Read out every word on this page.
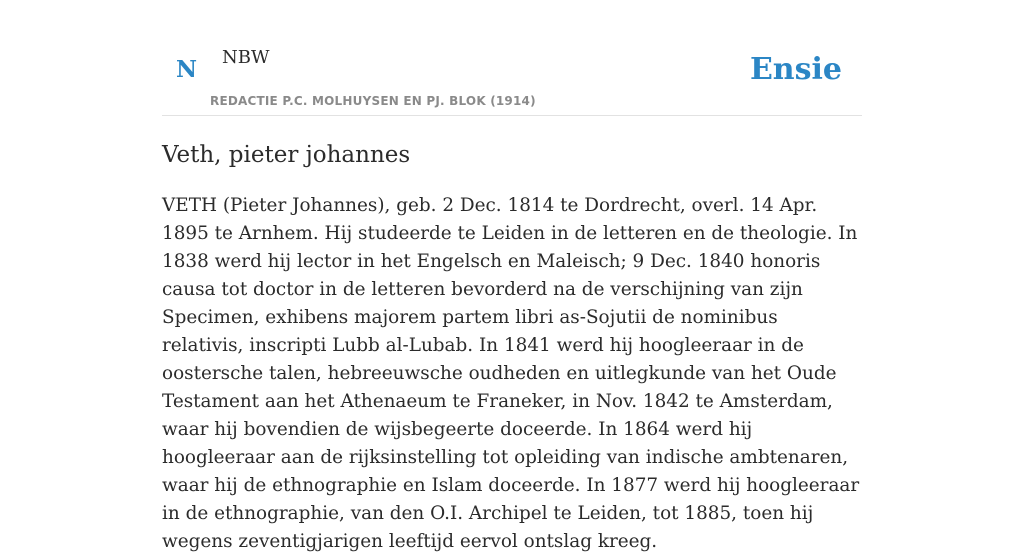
N NBW
REDACTIE P.C. MOLHUYSEN EN PJ. BLOK (1914)
Ensie
Veth, pieter johannes

VETH (Pieter Johannes), geb. 2 Dec. 1814 te Dordrecht, overl. 14 Apr. 1895 te Arnhem. Hij studeerde te Leiden in de letteren en de theologie. In 1838 werd hij lector in het Engelsch en Maleisch; 9 Dec. 1840 honoris causa tot doctor in de letteren bevorderd na de verschijning van zijn Specimen, exhibens majorem partem libri as-Sojutii de nominibus relativis, inscripti Lubb al-Lubab. In 1841 werd hij hoogleeraar in de oostersche talen, hebreeuwsche oudheden en uitlegkunde van het Oude Testament aan het Athenaeum te Franeker, in Nov. 1842 te Amsterdam, waar hij bovendien de wijsbegeerte doceerde. In 1864 werd hij hoogleeraar aan de rijksinstelling tot opleiding van indische ambtenaren, waar hij de ethnographie en Islam doceerde. In 1877 werd hij hoogleeraar in de ethnographie, van den O.I. Archipel te Leiden, tot 1885, toen hij wegens zeventigjarigen leeftijd eervol ontslag kreeg.
